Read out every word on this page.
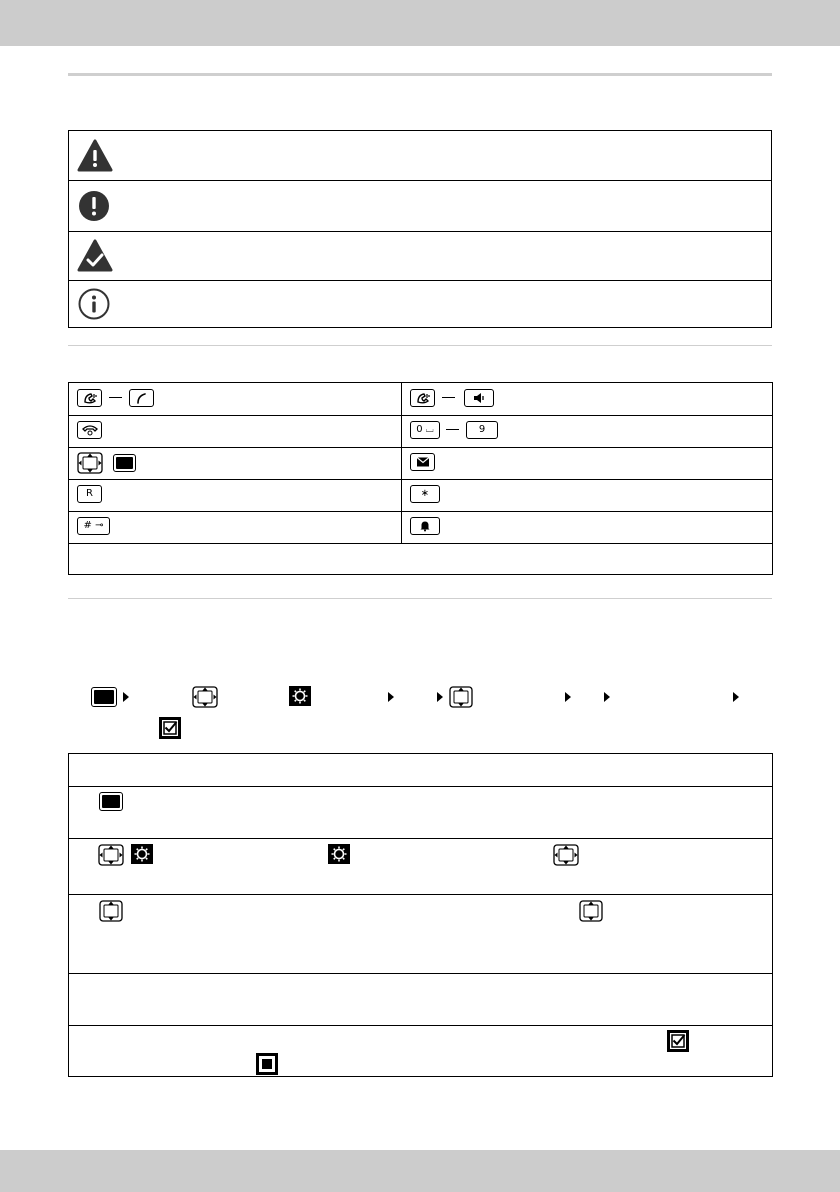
0 ⌴	9
R	∗
# ⊸
